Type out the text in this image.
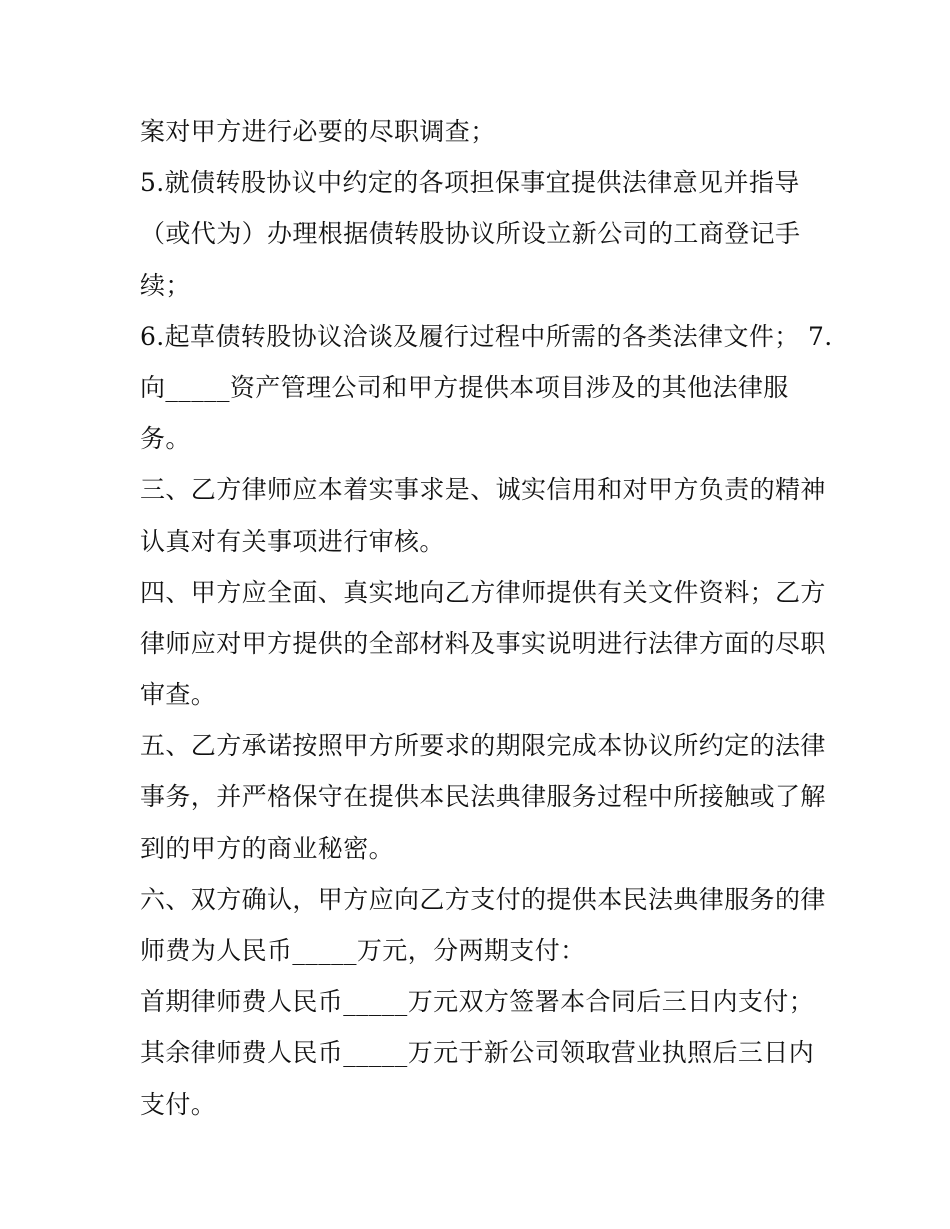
案对甲方进行必要的尽职调查；
5.就债转股协议中约定的各项担保事宜提供法律意见并指导
（或代为）办理根据债转股协议所设立新公司的工商登记手
续；
6.起草债转股协议洽谈及履行过程中所需的各类法律文件； 7.
向_____资产管理公司和甲方提供本项目涉及的其他法律服
务。
三、乙方律师应本着实事求是、诚实信用和对甲方负责的精神
认真对有关事项进行审核。
四、甲方应全面、真实地向乙方律师提供有关文件资料；乙方
律师应对甲方提供的全部材料及事实说明进行法律方面的尽职
审查。
五、乙方承诺按照甲方所要求的期限完成本协议所约定的法律
事务，并严格保守在提供本民法典律服务过程中所接触或了解
到的甲方的商业秘密。
六、双方确认，甲方应向乙方支付的提供本民法典律服务的律
师费为人民币_____万元，分两期支付：
首期律师费人民币_____万元双方签署本合同后三日内支付；
其余律师费人民币_____万元于新公司领取营业执照后三日内
支付。
